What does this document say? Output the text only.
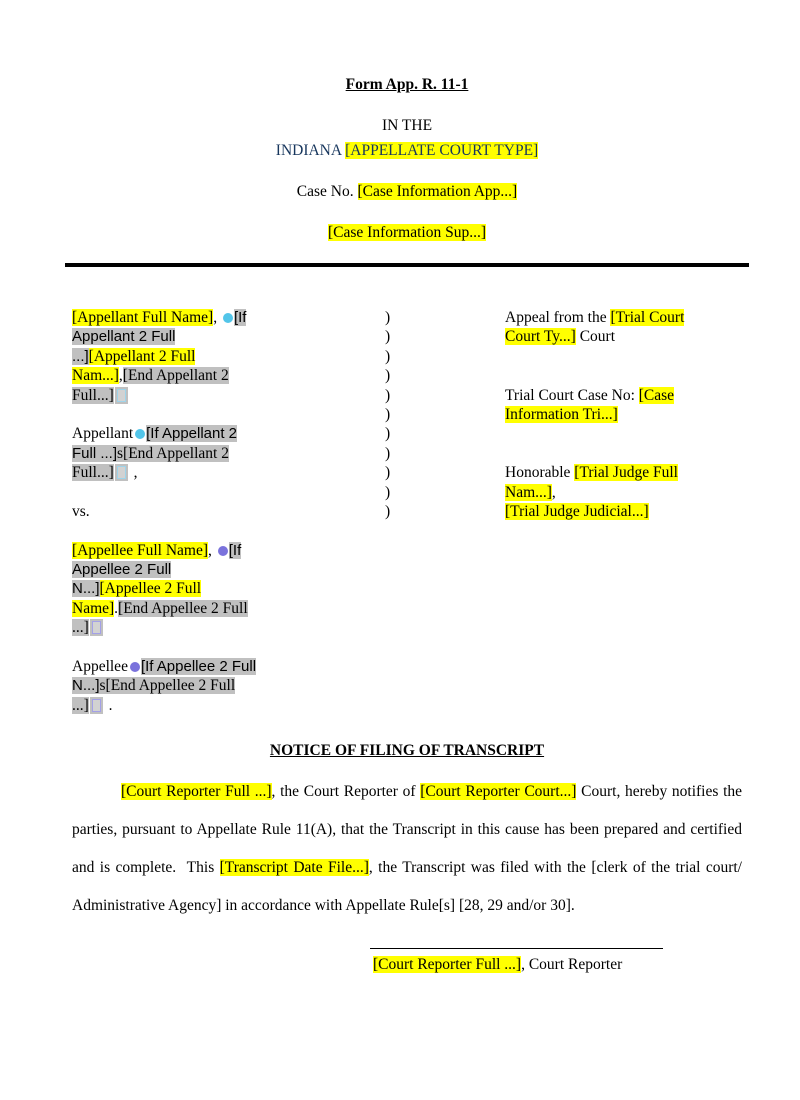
Form App. R. 11-1
IN THE
INDIANA [APPELLATE COURT TYPE]
Case No. [Case Information App...]
[Case Information Sup...]

[Appellant Full Name], [If

Appellant 2 Full

...][Appellant 2 Full

Nam...],[End Appellant 2

Full...]

Appellant [If Appellant 2

Full ...]s[End Appellant 2

Full...] ,

vs.

[Appellee Full Name], [If

Appellee 2 Full

N...][Appellee 2 Full

Name].[End Appellee 2 Full

...]

Appellee [If Appellee 2 Full

N...]s[End Appellee 2 Full

...] .

)

)

)

)

)

)

)

)

)

)

)

Appeal from the [Trial Court

Court Ty...] Court

Trial Court Case No: [Case

Information Tri...]

Honorable [Trial Judge Full

Nam...],

[Trial Judge Judicial...]

NOTICE OF FILING OF TRANSCRIPT

[Court Reporter Full ...], the Court Reporter of [Court Reporter Court...] Court, hereby notifies the parties, pursuant to Appellate Rule 11(A), that the Transcript in this cause has been prepared and certified and is complete.  This [Transcript Date File...], the Transcript was filed with the [clerk of the trial court/ Administrative Agency] in accordance with Appellate Rule[s] [28, 29 and/or 30].

[Court Reporter Full ...], Court Reporter
